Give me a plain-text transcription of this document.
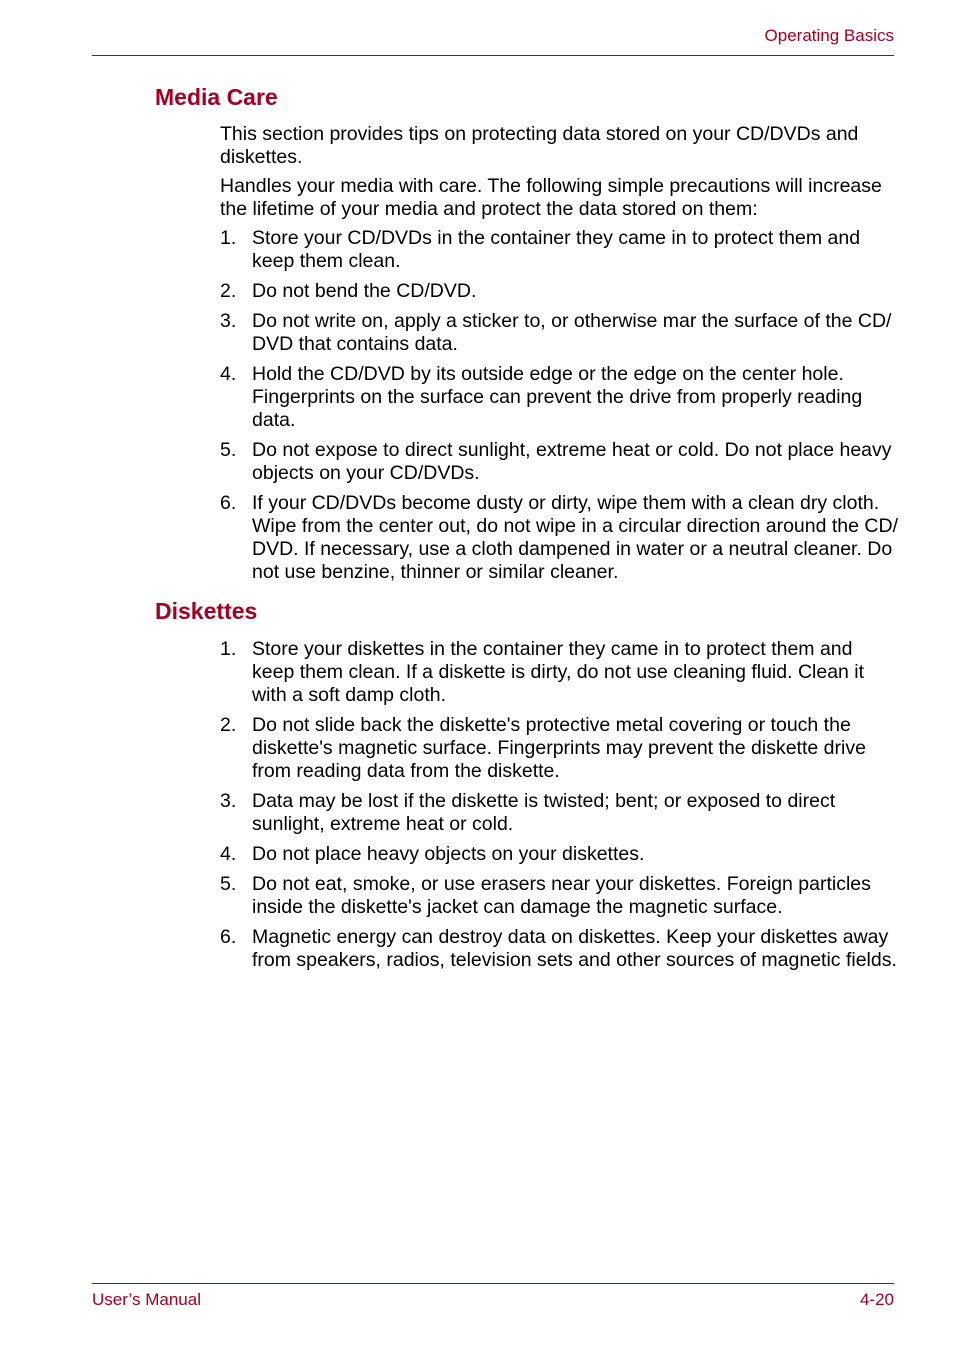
Operating Basics
Media Care

This section provides tips on protecting data stored on your CD/DVDs and diskettes.

Handles your media with care. The following simple precautions will increase the lifetime of your media and protect the data stored on them:

1. Store your CD/DVDs in the container they came in to protect them and keep them clean.
2. Do not bend the CD/DVD.
3. Do not write on, apply a sticker to, or otherwise mar the surface of the CD/ DVD that contains data.
4. Hold the CD/DVD by its outside edge or the edge on the center hole. Fingerprints on the surface can prevent the drive from properly reading data.
5. Do not expose to direct sunlight, extreme heat or cold. Do not place heavy objects on your CD/DVDs.
6. If your CD/DVDs become dusty or dirty, wipe them with a clean dry cloth. Wipe from the center out, do not wipe in a circular direction around the CD/ DVD. If necessary, use a cloth dampened in water or a neutral cleaner. Do not use benzine, thinner or similar cleaner.
Diskettes
1. Store your diskettes in the container they came in to protect them and keep them clean. If a diskette is dirty, do not use cleaning fluid. Clean it with a soft damp cloth.
2. Do not slide back the diskette's protective metal covering or touch the diskette's magnetic surface. Fingerprints may prevent the diskette drive from reading data from the diskette.
3. Data may be lost if the diskette is twisted; bent; or exposed to direct sunlight, extreme heat or cold.
4. Do not place heavy objects on your diskettes.
5. Do not eat, smoke, or use erasers near your diskettes. Foreign particles inside the diskette's jacket can damage the magnetic surface.
6. Magnetic energy can destroy data on diskettes. Keep your diskettes away from speakers, radios, television sets and other sources of magnetic fields.
User’s Manual	4-20
